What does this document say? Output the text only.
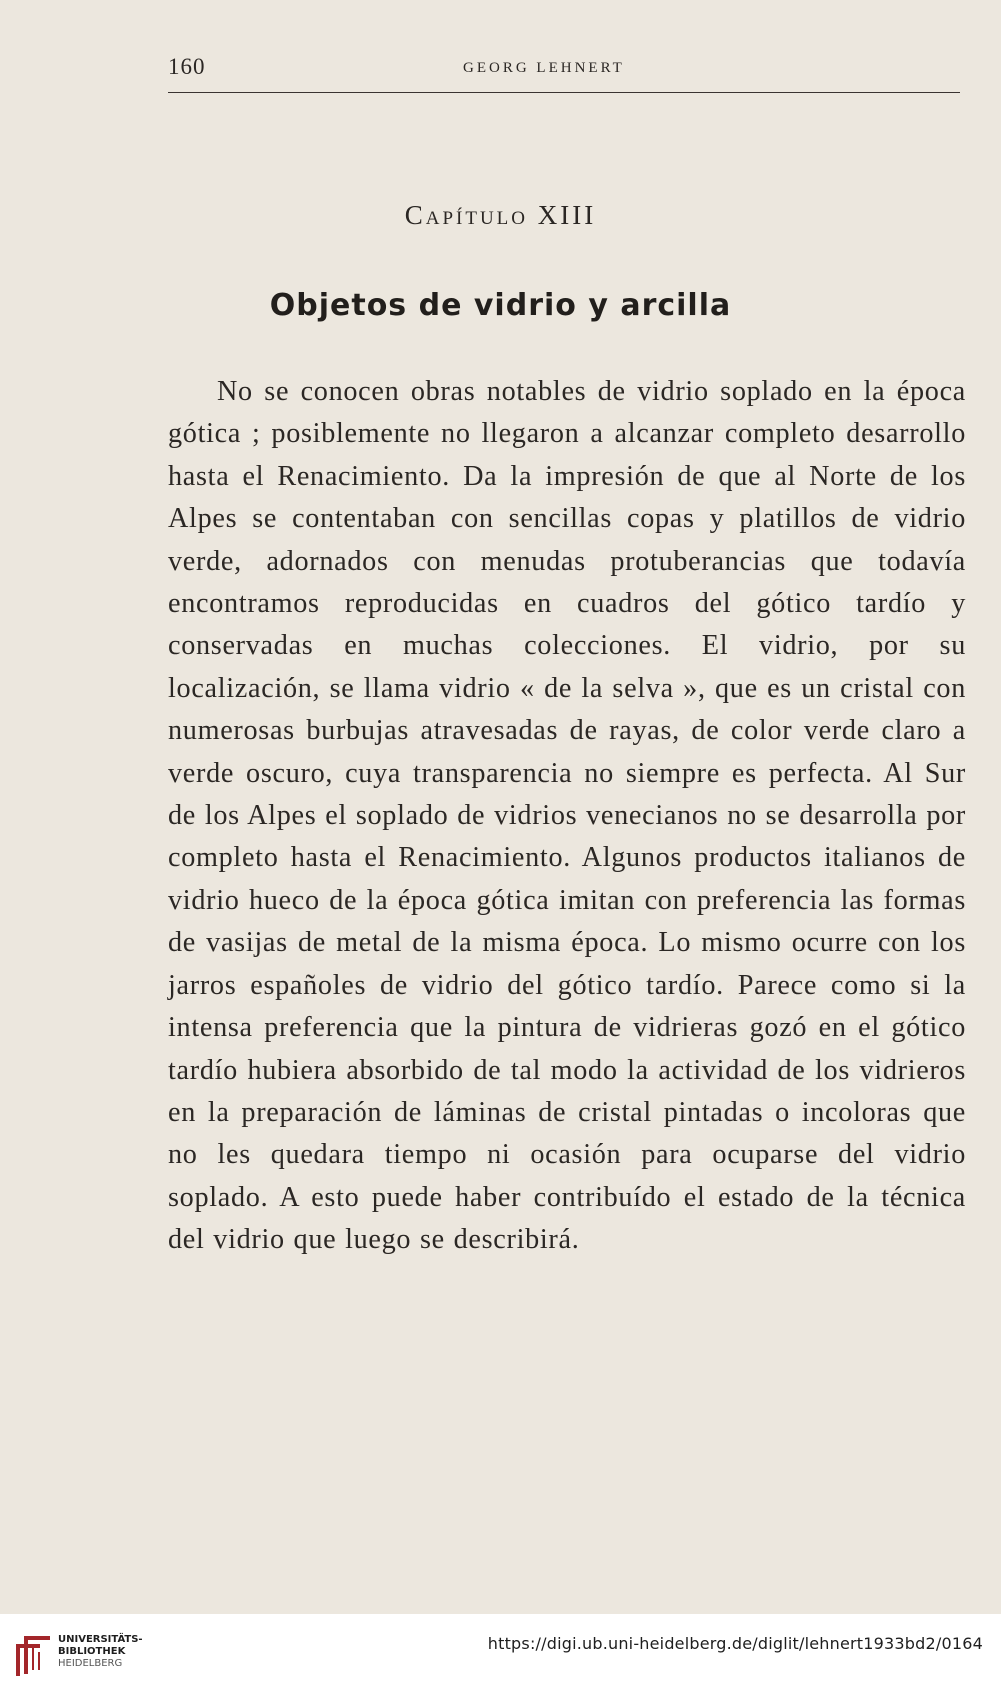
160	GEORG LEHNERT
Capítulo XIII
Objetos de vidrio y arcilla

No se conocen obras notables de vidrio soplado en la época gótica ; posiblemente no llegaron a alcanzar completo desarrollo hasta el Renacimiento. Da la impresión de que al Norte de los Alpes se contentaban con sencillas copas y platillos de vidrio verde, adornados con menudas protuberancias que todavía encontramos reproducidas en cuadros del gótico tardío y conservadas en muchas colecciones. El vidrio, por su localización, se llama vidrio « de la selva », que es un cristal con numerosas burbujas atravesadas de rayas, de color verde claro a verde oscuro, cuya transparencia no siempre es perfecta. Al Sur de los Alpes el soplado de vidrios venecianos no se desarrolla por completo hasta el Renacimiento. Algunos productos italianos de vidrio hueco de la época gótica imitan con preferencia las formas de vasijas de metal de la misma época. Lo mismo ocurre con los jarros españoles de vidrio del gótico tardío. Parece como si la intensa preferencia que la pintura de vidrieras gozó en el gótico tardío hubiera absorbido de tal modo la actividad de los vidrieros en la preparación de láminas de cristal pintadas o incoloras que no les quedara tiempo ni ocasión para ocuparse del vidrio soplado. A esto puede haber contribuído el estado de la técnica del vidrio que luego se describirá.

UNIVERSITÄTS-
BIBLIOTHEK
HEIDELBERG
https://digi.ub.uni-heidelberg.de/diglit/lehnert1933bd2/0164
